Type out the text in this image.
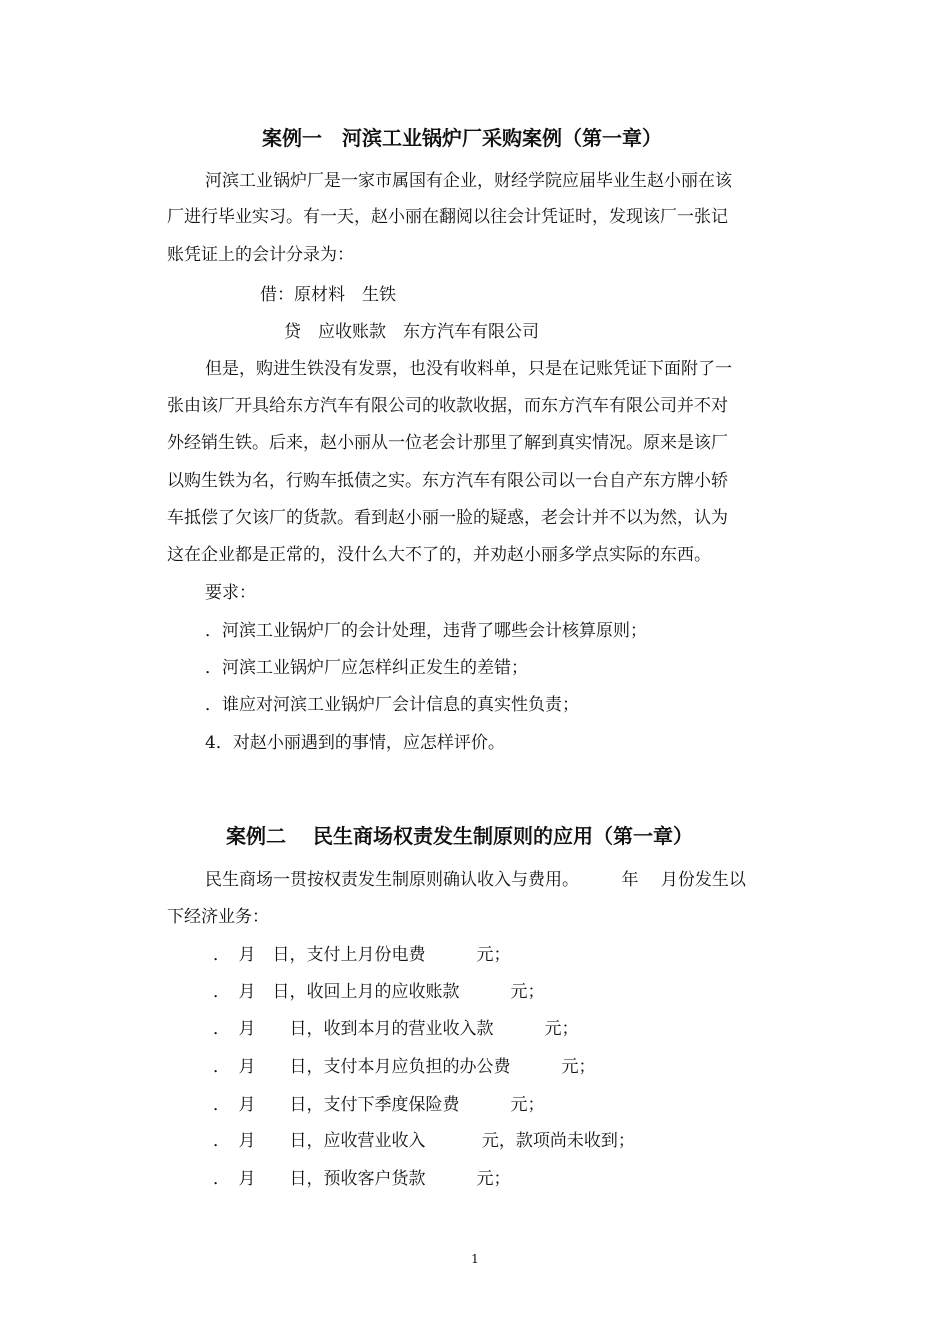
案例一　河滨工业锅炉厂采购案例（第一章）
河滨工业锅炉厂是一家市属国有企业，财经学院应届毕业生赵小丽在该
厂进行毕业实习。有一天，赵小丽在翻阅以往会计凭证时，发现该厂一张记
账凭证上的会计分录为：
借：原材料　生铁
贷　应收账款　东方汽车有限公司
但是，购进生铁没有发票，也没有收料单，只是在记账凭证下面附了一
张由该厂开具给东方汽车有限公司的收款收据，而东方汽车有限公司并不对
外经销生铁。后来，赵小丽从一位老会计那里了解到真实情况。原来是该厂
以购生铁为名，行购车抵债之实。东方汽车有限公司以一台自产东方牌小轿
车抵偿了欠该厂的货款。看到赵小丽一脸的疑惑，老会计并不以为然，认为
这在企业都是正常的，没什么大不了的，并劝赵小丽多学点实际的东西。
要求：
．河滨工业锅炉厂的会计处理，违背了哪些会计核算原则；
．河滨工业锅炉厂应怎样纠正发生的差错；
．谁应对河滨工业锅炉厂会计信息的真实性负责；
4．对赵小丽遇到的事情，应怎样评价。
案例二　 民生商场权责发生制原则的应用（第一章）
民生商场一贯按权责发生制原则确认收入与费用。　　　年　 月份发生以
下经济业务：
．　月　日，支付上月份电费　　　元；
．　月　日，收回上月的应收账款　　　元；
．　月　　日，收到本月的营业收入款　　　元；
．　月　　日，支付本月应负担的办公费　　　元；
．　月　　日，支付下季度保险费　　　元；
．　月　　日，应收营业收入　　　 元，款项尚未收到；
．　月　　日，预收客户货款　　　元；
1
